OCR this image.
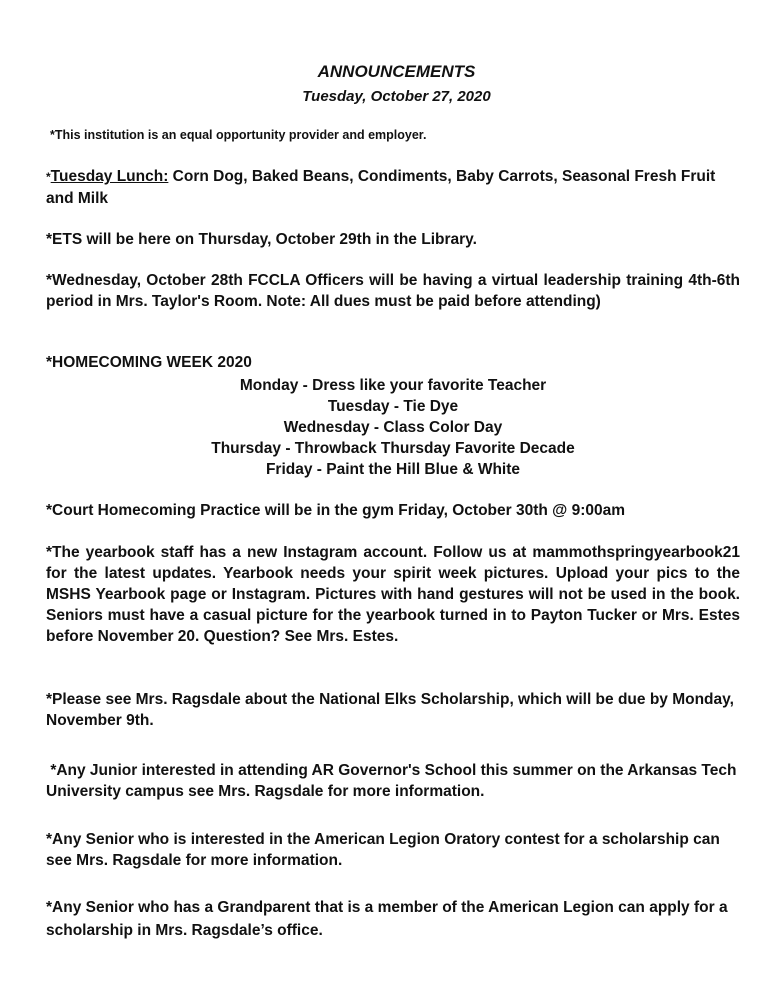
ANNOUNCEMENTS
Tuesday, October 27, 2020
*This institution is an equal opportunity provider and employer.
*Tuesday Lunch: Corn Dog, Baked Beans, Condiments, Baby Carrots, Seasonal Fresh Fruit and Milk
*ETS will be here on Thursday, October 29th in the Library.
*Wednesday, October 28th FCCLA Officers will be having a virtual leadership training 4th-6th period in Mrs. Taylor's Room. Note: All dues must be paid before attending)
*HOMECOMING WEEK 2020
Monday - Dress like your favorite Teacher
Tuesday - Tie Dye
Wednesday - Class Color Day
Thursday - Throwback Thursday Favorite Decade
Friday - Paint the Hill Blue & White
*Court Homecoming Practice will be in the gym Friday, October 30th @ 9:00am
*The yearbook staff has a new Instagram account. Follow us at mammothspringyearbook21 for the latest updates. Yearbook needs your spirit week pictures. Upload your pics to the MSHS Yearbook page or Instagram. Pictures with hand gestures will not be used in the book. Seniors must have a casual picture for the yearbook turned in to Payton Tucker or Mrs. Estes before November 20. Question? See Mrs. Estes.
*Please see Mrs. Ragsdale about the National Elks Scholarship, which will be due by Monday, November 9th.
*Any Junior interested in attending AR Governor's School this summer on the Arkansas Tech University campus see Mrs. Ragsdale for more information.
*Any Senior who is interested in the American Legion Oratory contest for a scholarship can see Mrs. Ragsdale for more information.
*Any Senior who has a Grandparent that is a member of the American Legion can apply for a scholarship in Mrs. Ragsdale’s office.
